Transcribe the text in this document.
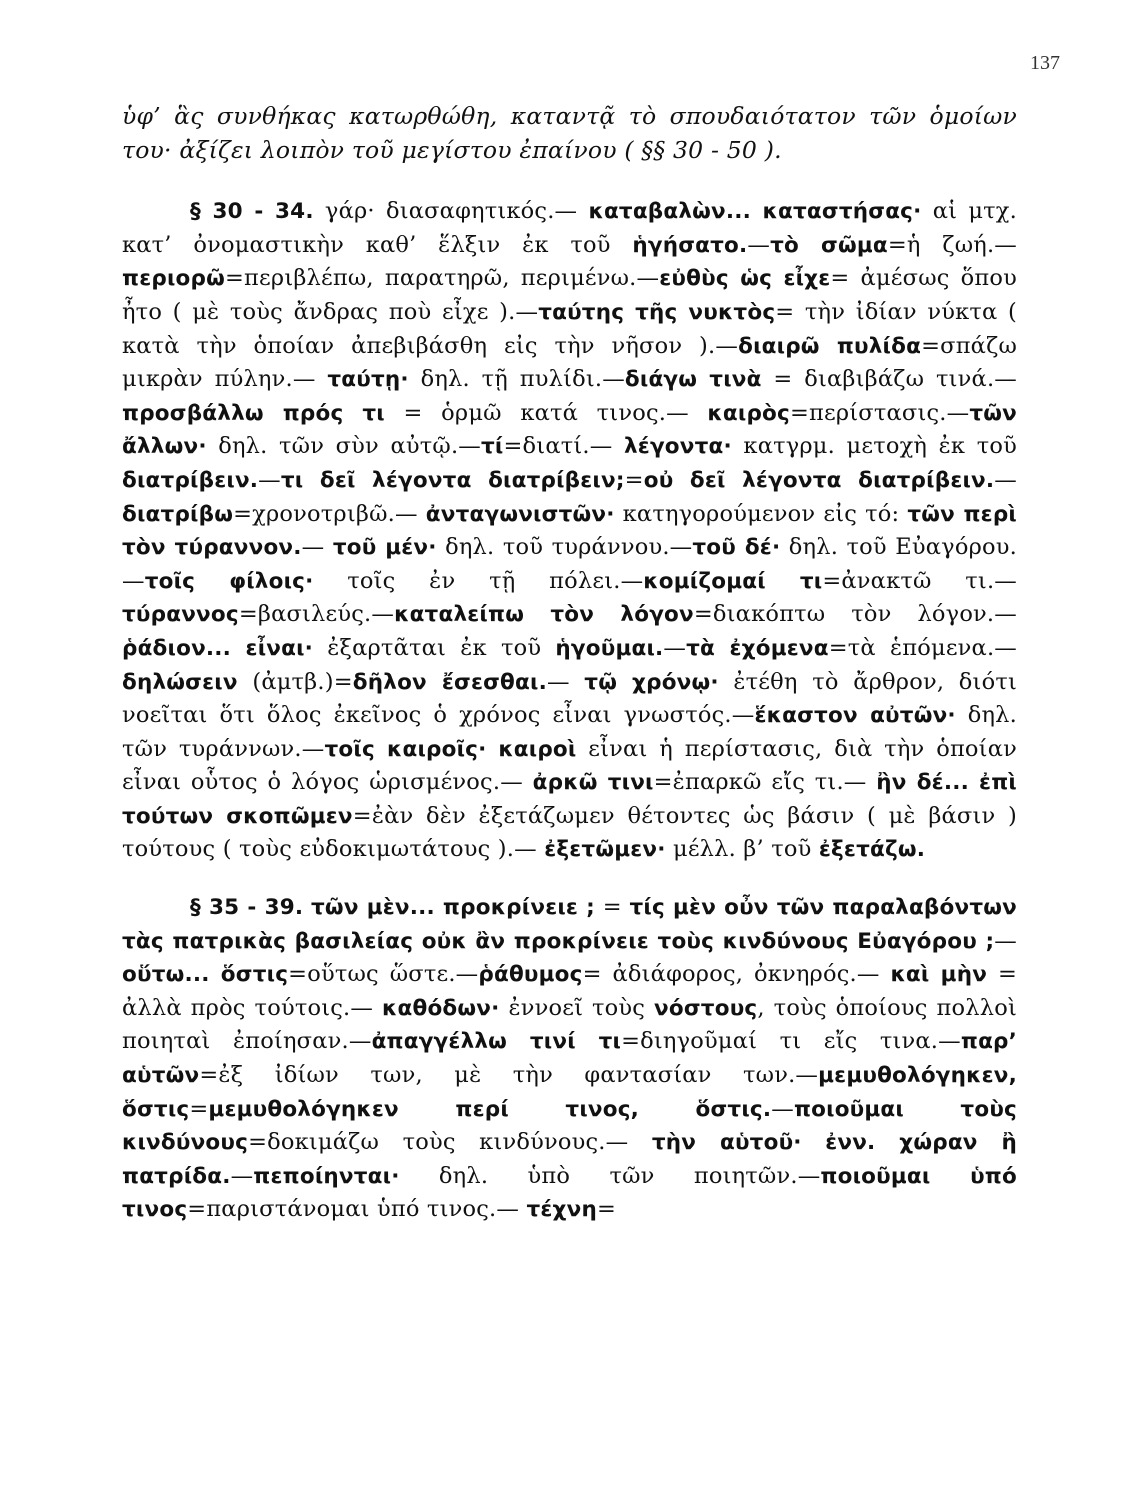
137

ὑφ’ ἃς συνθήκας κατωρθώθη, καταντᾷ τὸ σπουδαιότατον τῶν ὁμοίων του· ἀξίζει λοιπὸν τοῦ μεγίστου ἐπαίνου ( §§ 30 - 50 ).

§ 30 - 34. γάρ· διασαφητικός.— καταβαλὼν... καταστήσας· αἱ μτχ. κατ’ ὀνομαστικὴν καθ’ ἕλξιν ἐκ τοῦ ἡγήσατο.—τὸ σῶμα=ἡ ζωή.—περιορῶ=περιβλέπω, παρατηρῶ, περιμένω.—εὐθὺς ὡς εἶχε= ἀμέσως ὅπου ἦτο ( μὲ τοὺς ἄνδρας ποὺ εἶχε ).—ταύτης τῆς νυκτὸς= τὴν ἰδίαν νύκτα ( κατὰ τὴν ὁποίαν ἀπεβιβάσθη εἰς τὴν νῆσον ).—διαιρῶ πυλίδα=σπάζω μικρὰν πύλην.— ταύτῃ· δηλ. τῇ πυλίδι.—διάγω τινὰ = διαβιβάζω τινά.— προσβάλλω πρός τι = ὁρμῶ κατά τινος.— καιρὸς=περίστασις.—τῶν ἄλλων· δηλ. τῶν σὺν αὐτῷ.—τί=διατί.— λέγοντα· κατγρμ. μετοχὴ ἐκ τοῦ διατρίβειν.—τι δεῖ λέγοντα διατρίβειν;=οὐ δεῖ λέγοντα διατρίβειν.—διατρίβω=χρονοτριβῶ.— ἀνταγωνιστῶν· κατηγορούμενον εἰς τό: τῶν περὶ τὸν τύραννον.— τοῦ μέν· δηλ. τοῦ τυράννου.—τοῦ δέ· δηλ. τοῦ Εὐαγόρου.—τοῖς φίλοις· τοῖς ἐν τῇ πόλει.—κομίζομαί τι=ἀνακτῶ τι.—τύραννος=βασιλεύς.—καταλείπω τὸν λόγον=διακόπτω τὸν λόγον.—ῥάδιον... εἶναι· ἐξαρτᾶται ἐκ τοῦ ἡγοῦμαι.—τὰ ἐχόμενα=τὰ ἑπόμενα.—δηλώσειν (ἀμτβ.)=δῆλον ἔσεσθαι.— τῷ χρόνῳ· ἐτέθη τὸ ἄρθρον, διότι νοεῖται ὅτι ὅλος ἐκεῖνος ὁ χρόνος εἶναι γνωστός.—ἕκαστον αὐτῶν· δηλ. τῶν τυράννων.—τοῖς καιροῖς· καιροὶ εἶναι ἡ περίστασις, διὰ τὴν ὁποίαν εἶναι οὗτος ὁ λόγος ὡρισμένος.— ἀρκῶ τινι=ἐπαρκῶ εἴς τι.— ἢν δέ... ἐπὶ τούτων σκοπῶμεν=ἐὰν δὲν ἐξετάζωμεν θέτοντες ὡς βάσιν ( μὲ βάσιν ) τούτους ( τοὺς εὐδοκιμωτάτους ).— ἐξετῶμεν· μέλλ. β’ τοῦ ἐξετάζω.

§ 35 - 39. τῶν μὲν... προκρίνειε ; = τίς μὲν οὖν τῶν παραλαβόντων τὰς πατρικὰς βασιλείας οὐκ ἂν προκρίνειε τοὺς κινδύνους Εὐαγόρου ;—οὕτω... ὅστις=οὕτως ὥστε.—ῥάθυμος= ἀδιάφορος, ὀκνηρός.— καὶ μὴν = ἀλλὰ πρὸς τούτοις.— καθόδων· ἐννοεῖ τοὺς νόστους, τοὺς ὁποίους πολλοὶ ποιηταὶ ἐποίησαν.—ἀπαγγέλλω τινί τι=διηγοῦμαί τι εἴς τινα.—παρ’ αὑτῶν=ἐξ ἰδίων των, μὲ τὴν φαντασίαν των.—μεμυθολόγηκεν, ὅστις=μεμυθολόγηκεν περί τινος, ὅστις.—ποιοῦμαι τοὺς κινδύνους=δοκιμάζω τοὺς κινδύνους.— τὴν αὑτοῦ· ἐνν. χώραν ἢ πατρίδα.—πεποίηνται· δηλ. ὑπὸ τῶν ποιητῶν.—ποιοῦμαι ὑπό τινος=παριστάνομαι ὑπό τινος.— τέχνη=
